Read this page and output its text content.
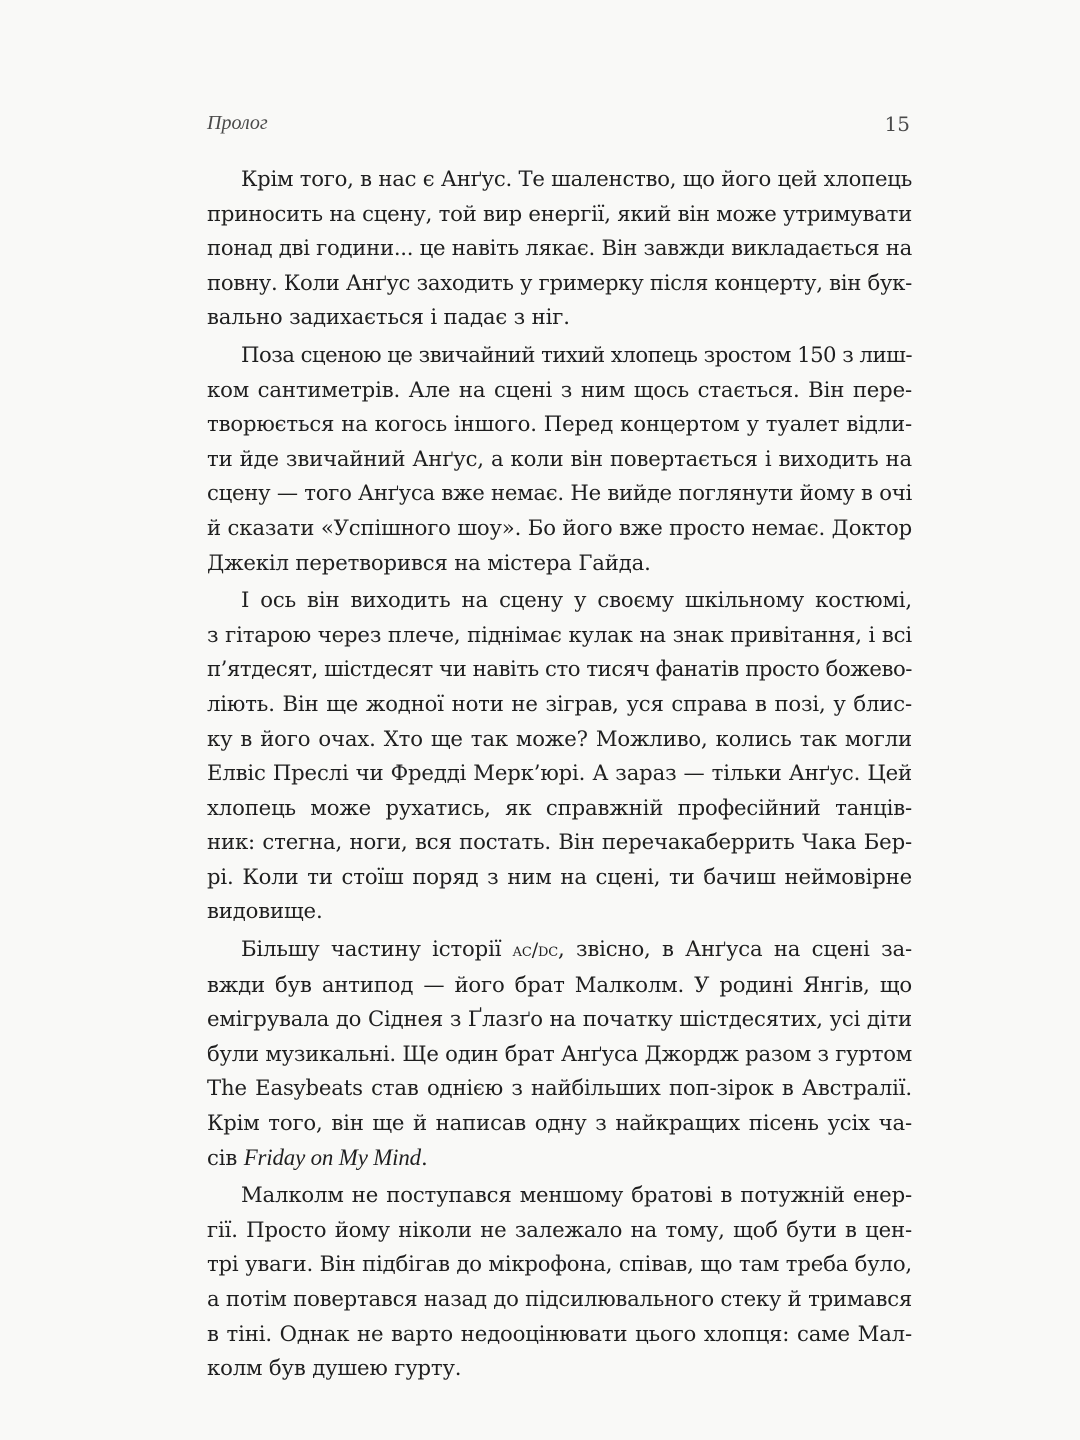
Пролог	15
Крім того, в нас є Анґус. Те шаленство, що його цей хлопець
приносить на сцену, той вир енергії, який він може утримувати
понад дві години... це навіть лякає. Він завжди викладається на
повну. Коли Анґус заходить у гримерку після концерту, він бук-
вально задихається і падає з ніг.
Поза сценою це звичайний тихий хлопець зростом 150 з лиш-
ком сантиметрів. Але на сцені з ним щось стається. Він пере-
творюється на когось іншого. Перед концертом у туалет відли-
ти йде звичайний Анґус, а коли він повертається і виходить на
сцену — того Анґуса вже немає. Не вийде поглянути йому в очі
й сказати «Успішного шоу». Бо його вже просто немає. Доктор
Джекіл перетворився на містера Гайда.
І ось він виходить на сцену у своєму шкільному костюмі,
з гітарою через плече, піднімає кулак на знак привітання, і всі
п’ятдесят, шістдесят чи навіть сто тисяч фанатів просто божево-
ліють. Він ще жодної ноти не зіграв, уся справа в позі, у блис-
ку в його очах. Хто ще так може? Можливо, колись так могли
Елвіс Преслі чи Фредді Мерк’юрі. А зараз — тільки Анґус. Цей
хлопець може рухатись, як справжній професійний танців-
ник: стегна, ноги, вся постать. Він перечакаберрить Чака Бер-
рі. Коли ти стоїш поряд з ним на сцені, ти бачиш неймовірне
видовище.
Більшу частину історії ac/dc, звісно, в Анґуса на сцені за-
вжди був антипод — його брат Малколм. У родині Янгів, що
емігрувала до Сіднея з Ґлазґо на початку шістдесятих, усі діти
були музикальні. Ще один брат Анґуса Джордж разом з гуртом
The Easybeats став однією з найбільших поп-зірок в Австралії.
Крім того, він ще й написав одну з найкращих пісень усіх ча-
сів Friday on My Mind.
Малколм не поступався меншому братові в потужній енер-
гії. Просто йому ніколи не залежало на тому, щоб бути в цен-
трі уваги. Він підбігав до мікрофона, співав, що там треба було,
а потім повертався назад до підсилювального стеку й тримався
в тіні. Однак не варто недооцінювати цього хлопця: саме Мал-
колм був душею гурту.
